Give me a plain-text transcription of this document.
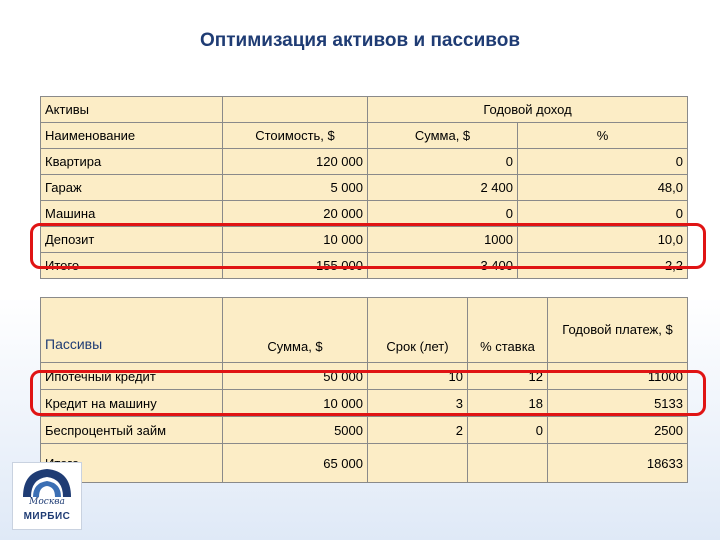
Оптимизация активов и пассивов
Активы		Годовой доход	
Наименование	Стоимость, $	Сумма, $	%
Квартира	120 000	0	0
Гараж	5 000	2 400	48,0
Машина	20 000	0	0
Депозит	10 000	1000	10,0
Итого	155 000	3 400	2,2
Пассивы	Сумма, $	Срок (лет)	% ставка	Годовой платеж, $
Ипотечный кредит	50 000	10	12	11000
Кредит на машину	10 000	3	18	5133
Беспроцентый займ	5000	2	0	2500
	65 000			18633
Москва
МИРБИС
